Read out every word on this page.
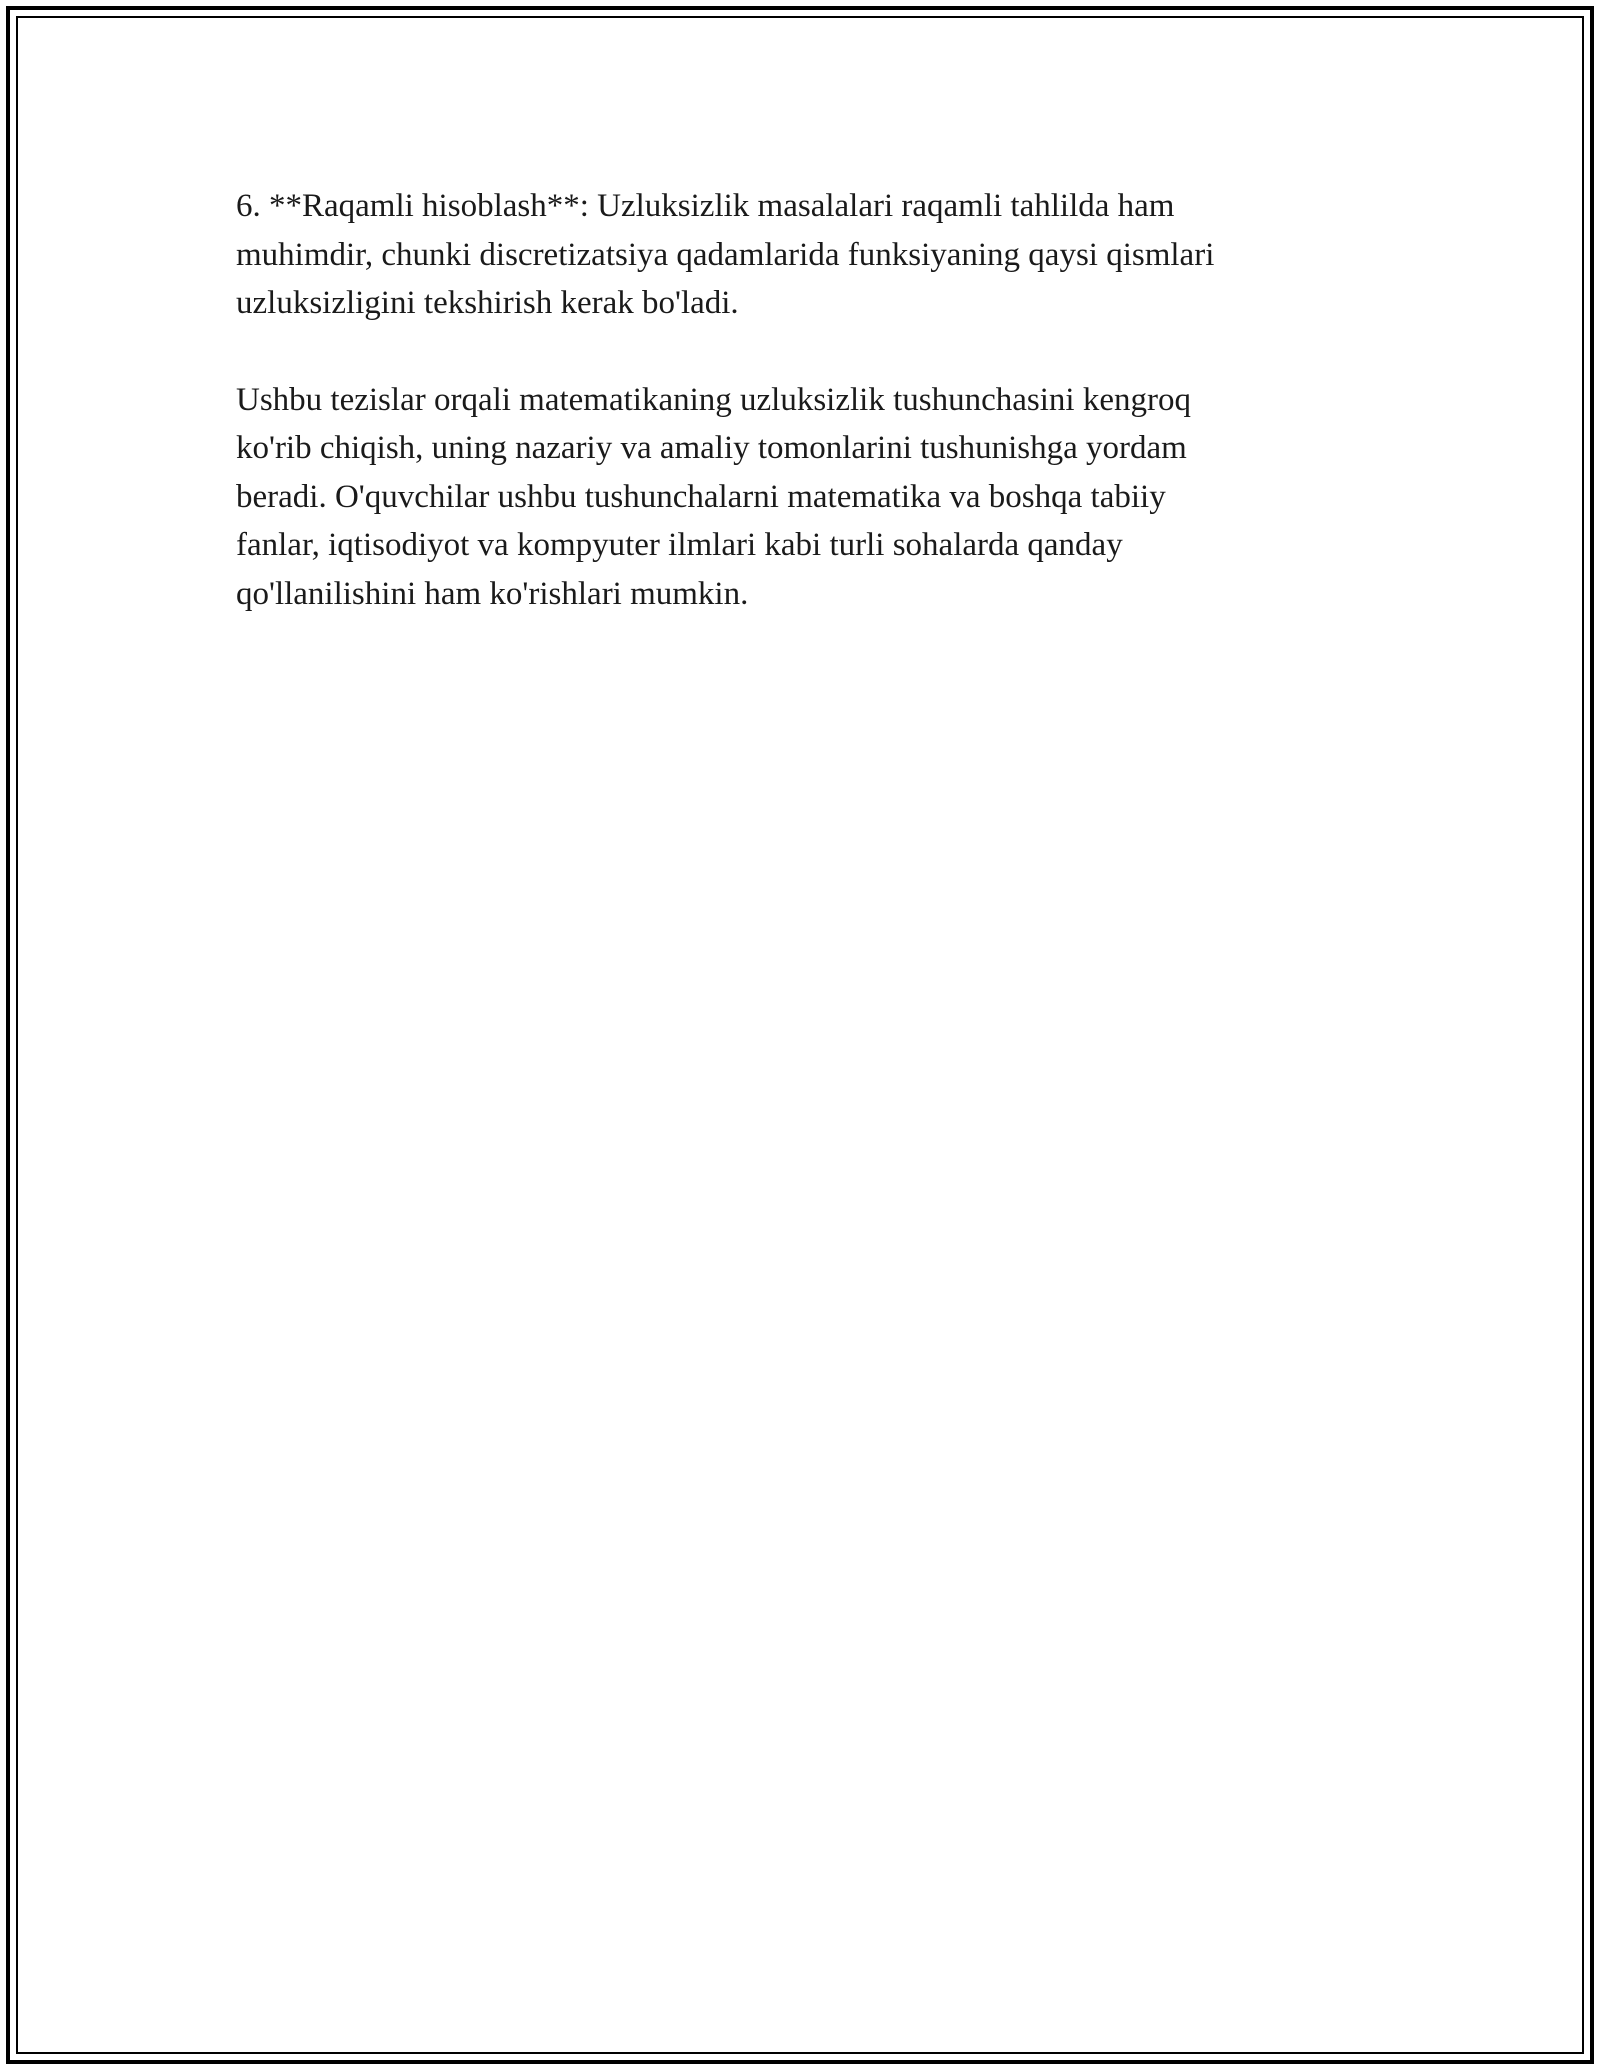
6. **Raqamli hisoblash**: Uzluksizlik masalalari raqamli tahlilda ham
muhimdir, chunki discretizatsiya qadamlarida funksiyaning qaysi qismlari
uzluksizligini tekshirish kerak bo'ladi.

Ushbu tezislar orqali matematikaning uzluksizlik tushunchasini kengroq
ko'rib chiqish, uning nazariy va amaliy tomonlarini tushunishga yordam
beradi. O'quvchilar ushbu tushunchalarni matematika va boshqa tabiiy
fanlar, iqtisodiyot va kompyuter ilmlari kabi turli sohalarda qanday
qo'llanilishini ham ko'rishlari mumkin.
